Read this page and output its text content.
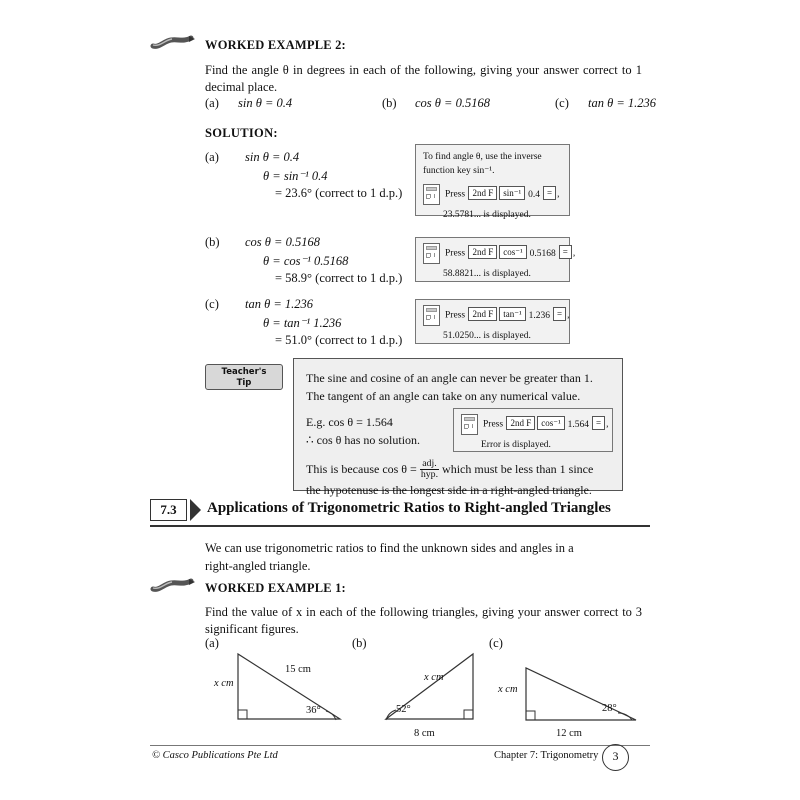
WORKED EXAMPLE 2:
Find the angle θ in degrees in each of the following, giving your answer correct to 1 decimal place.
(a) sin θ = 0.4	(b) cos θ = 0.5168	(c) tan θ = 1.236
SOLUTION:
(a) sin θ = 0.4
θ = sin⁻¹ 0.4
= 23.6° (correct to 1 d.p.)
To find angle θ, use the inverse function key sin⁻¹.
Press 2nd F sin⁻¹ 0.4 = ,
23.5781... is displayed.
(b) cos θ = 0.5168
θ = cos⁻¹ 0.5168
= 58.9° (correct to 1 d.p.)
Press 2nd F cos⁻¹ 0.5168 = ,
58.8821... is displayed.
(c) tan θ = 1.236
θ = tan⁻¹ 1.236
= 51.0° (correct to 1 d.p.)
Press 2nd F tan⁻¹ 1.236 = ,
51.0250... is displayed.
Teacher's
Tip	The sine and cosine of an angle can never be greater than 1.
The tangent of an angle can take on any numerical value.
E.g. cos θ = 1.564
∴ cos θ has no solution.
Press 2nd F cos⁻¹ 1.564 = ,
Error is displayed.
This is because $\cos \theta = \frac{\text{adj.}}{\text{hyp.}}$ which must be less than 1 since
the hypotenuse is the longest side in a right-angled triangle.
7.3	Applications of Trigonometric Ratios to Right-angled Triangles
We can use trigonometric ratios to find the unknown sides and angles in a
right-angled triangle.
WORKED EXAMPLE 1:
Find the value of x in each of the following triangles, giving your answer correct to 3 significant figures.
(a)
x cm
15 cm
36°
(b)
x cm
52°
8 cm
(c)
x cm
28°
12 cm
© Casco Publications Pte Ltd	Chapter 7: Trigonometry	3
